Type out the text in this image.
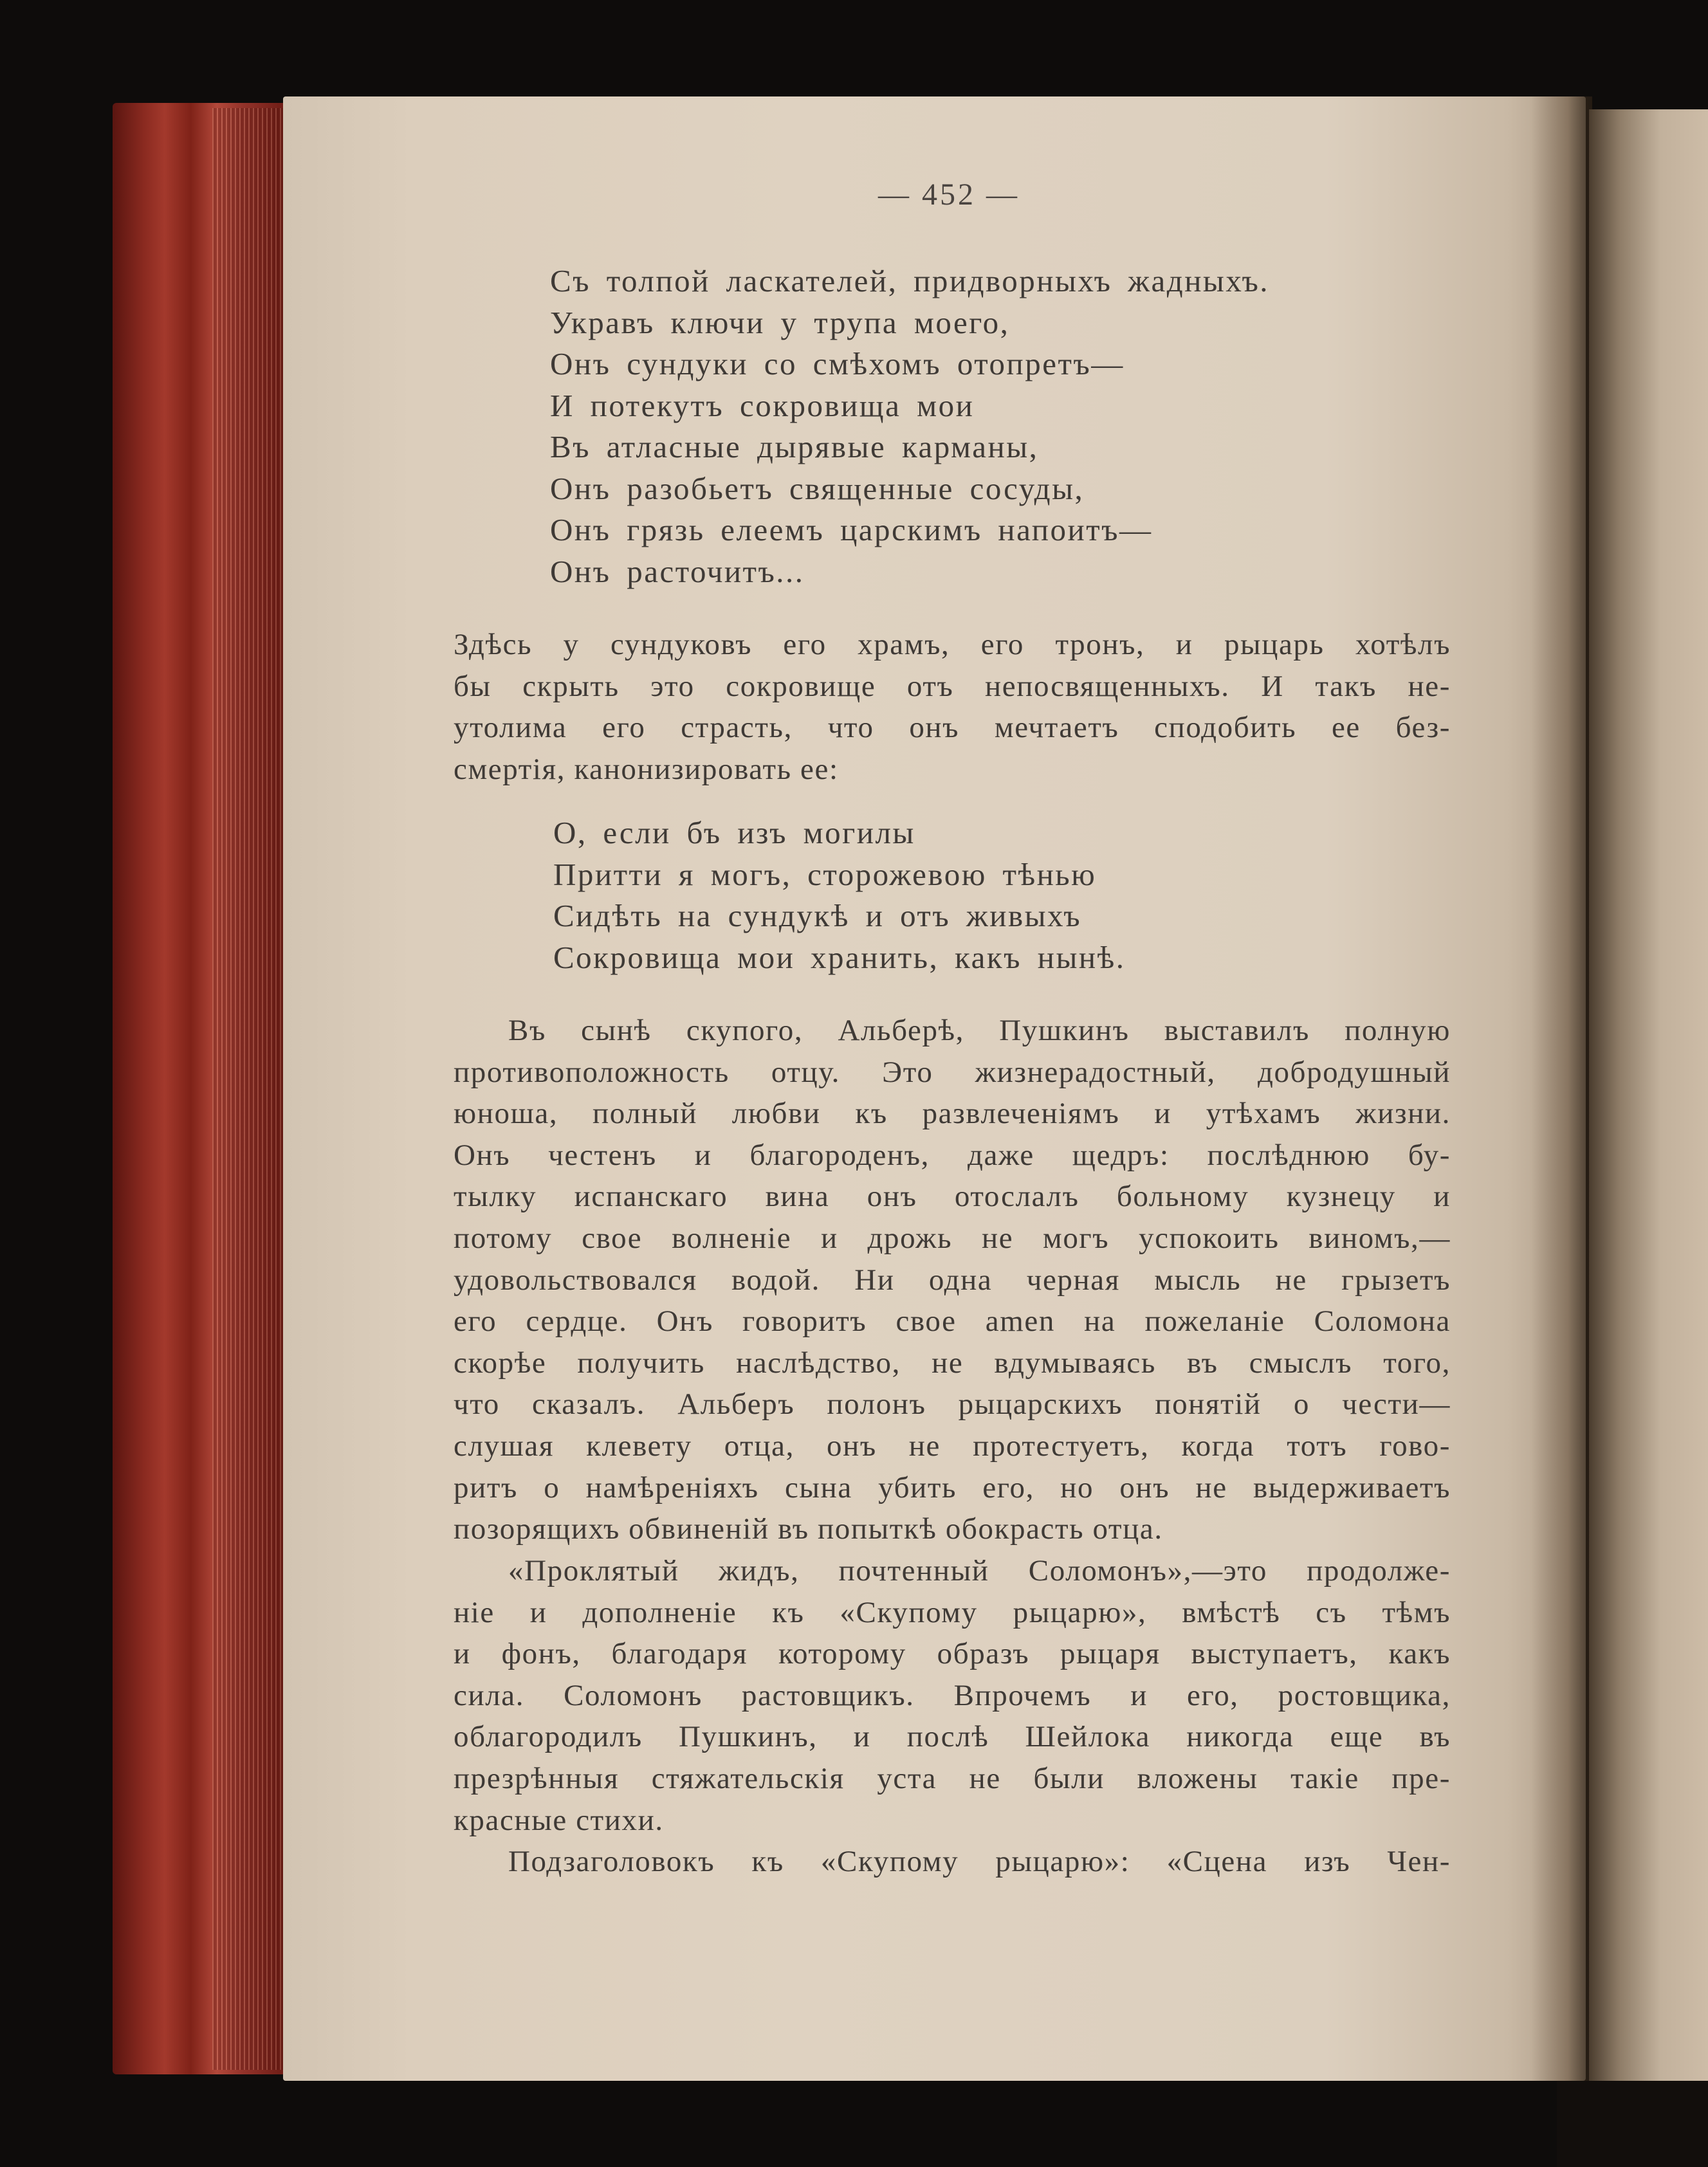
— 452 —
Съ толпой ласкателей, придворныхъ жадныхъ.
Укравъ ключи у трупа моего,
Онъ сундуки со смѣхомъ отопретъ—
И потекутъ сокровища мои
Въ атласные дырявые карманы,
Онъ разобьетъ священные сосуды,
Онъ грязь елеемъ царскимъ напоитъ—
Онъ расточитъ...
Здѣсь у сундуковъ его храмъ, его тронъ, и рыцарь хотѣлъ
бы скрыть это сокровище отъ непосвященныхъ. И такъ не-
утолима его страсть, что онъ мечтаетъ сподобить ее без-
смертія, канонизировать ее:
О, если бъ изъ могилы
Притти я могъ, сторожевою тѣнью
Сидѣть на сундукѣ и отъ живыхъ
Сокровища мои хранить, какъ нынѣ.
Въ сынѣ скупого, Альберѣ, Пушкинъ выставилъ полную
противоположность отцу. Это жизнерадостный, добродушный
юноша, полный любви къ развлеченіямъ и утѣхамъ жизни.
Онъ честенъ и благороденъ, даже щедръ: послѣднюю бу-
тылку испанскаго вина онъ отослалъ больному кузнецу и
потому свое волненіе и дрожь не могъ успокоить виномъ,—
удовольствовался водой. Ни одна черная мысль не грызетъ
его сердце. Онъ говоритъ свое amen на пожеланіе Соломона
скорѣе получить наслѣдство, не вдумываясь въ смыслъ того,
что сказалъ. Альберъ полонъ рыцарскихъ понятій о чести—
слушая клевету отца, онъ не протестуетъ, когда тотъ гово-
ритъ о намѣреніяхъ сына убить его, но онъ не выдерживаетъ
позорящихъ обвиненій въ попыткѣ обокрасть отца.
«Проклятый жидъ, почтенный Соломонъ»,—это продолже-
ніе и дополненіе къ «Скупому рыцарю», вмѣстѣ съ тѣмъ
и фонъ, благодаря которому образъ рыцаря выступаетъ, какъ
сила. Соломонъ растовщикъ. Впрочемъ и его, ростовщика,
облагородилъ Пушкинъ, и послѣ Шейлока никогда еще въ
презрѣнныя стяжательскія уста не были вложены такіе пре-
красные стихи.
Подзаголовокъ къ «Скупому рыцарю»: «Сцена изъ Чен-
